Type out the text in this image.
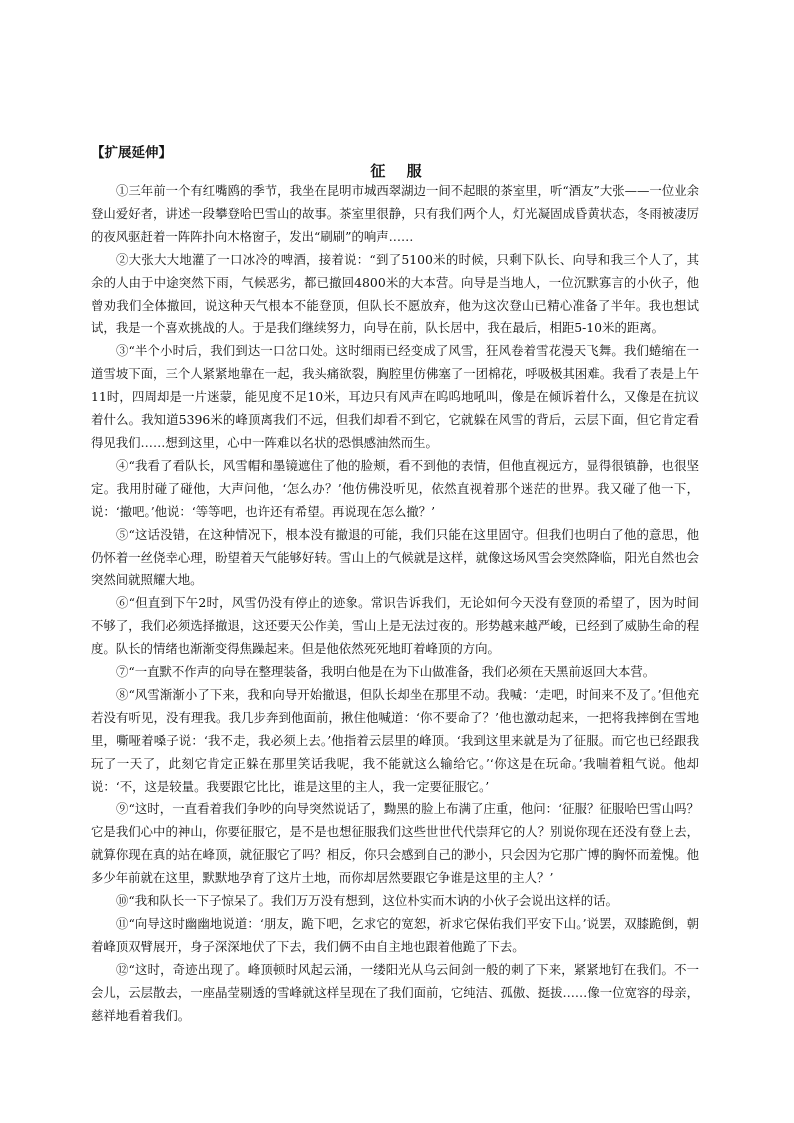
【扩展延伸】
征 服

①三年前一个有红嘴鸥的季节，我坐在昆明市城西翠湖边一间不起眼的茶室里，听“酒友”大张——一位业余登山爱好者，讲述一段攀登哈巴雪山的故事。茶室里很静，只有我们两个人，灯光凝固成昏黄状态，冬雨被凄厉的夜风驱赶着一阵阵扑向木格窗子，发出“刷刷”的响声……

②大张大大地灌了一口冰冷的啤酒，接着说：“到了5100米的时候，只剩下队长、向导和我三个人了，其余的人由于中途突然下雨，气候恶劣，都已撤回4800米的大本营。向导是当地人，一位沉默寡言的小伙子，他曾劝我们全体撤回，说这种天气根本不能登顶，但队长不愿放弃，他为这次登山已精心准备了半年。我也想试试，我是一个喜欢挑战的人。于是我们继续努力，向导在前，队长居中，我在最后，相距5-10米的距离。

③“半个小时后，我们到达一口岔口处。这时细雨已经变成了风雪，狂风卷着雪花漫天飞舞。我们蜷缩在一道雪坡下面，三个人紧紧地靠在一起，我头痛欲裂，胸腔里仿佛塞了一团棉花，呼吸极其困难。我看了表是上午11时，四周却是一片迷蒙，能见度不足10米，耳边只有风声在呜呜地吼叫，像是在倾诉着什么，又像是在抗议着什么。我知道5396米的峰顶离我们不远，但我们却看不到它，它就躲在风雪的背后，云层下面，但它肯定看得见我们……想到这里，心中一阵难以名状的恐惧感油然而生。

④“我看了看队长，风雪帽和墨镜遮住了他的脸颊，看不到他的表情，但他直视远方，显得很镇静，也很坚定。我用肘碰了碰他，大声问他，‘怎么办？’他仿佛没听见，依然直视着那个迷茫的世界。我又碰了他一下，说：‘撤吧。’他说：‘等等吧，也许还有希望。再说现在怎么撤？’

⑤“这话没错，在这种情况下，根本没有撤退的可能，我们只能在这里固守。但我们也明白了他的意思，他仍怀着一丝侥幸心理，盼望着天气能够好转。雪山上的气候就是这样，就像这场风雪会突然降临，阳光自然也会突然间就照耀大地。

⑥“但直到下午2时，风雪仍没有停止的迹象。常识告诉我们，无论如何今天没有登顶的希望了，因为时间不够了，我们必须选择撤退，这还要天公作美，雪山上是无法过夜的。形势越来越严峻，已经到了威胁生命的程度。队长的情绪也渐渐变得焦躁起来。但是他依然死死地盯着峰顶的方向。

⑦“一直默不作声的向导在整理装备，我明白他是在为下山做准备，我们必须在天黑前返回大本营。

⑧“风雪渐渐小了下来，我和向导开始撤退，但队长却坐在那里不动。我喊：‘走吧，时间来不及了。’但他充若没有听见，没有理我。我几步奔到他面前，揪住他喊道：‘你不要命了？’他也激动起来，一把将我摔倒在雪地里，嘶哑着嗓子说：‘我不走，我必须上去。’他指着云层里的峰顶。‘我到这里来就是为了征服。而它也已经跟我玩了一天了，此刻它肯定正躲在那里笑话我呢，我不能就这么输给它。’‘你这是在玩命。’我喘着粗气说。他却说：‘不，这是较量。我要跟它比比，谁是这里的主人，我一定要征服它。’

⑨“这时，一直看着我们争吵的向导突然说话了，黝黑的脸上布满了庄重，他问：‘征服？征服哈巴雪山吗？它是我们心中的神山，你要征服它，是不是也想征服我们这些世世代代崇拜它的人？别说你现在还没有登上去，就算你现在真的站在峰顶，就征服它了吗？相反，你只会感到自己的渺小，只会因为它那广博的胸怀而羞愧。他多少年前就在这里，默默地孕育了这片土地，而你却居然要跟它争谁是这里的主人？’

⑩“我和队长一下子惊呆了。我们万万没有想到，这位朴实而木讷的小伙子会说出这样的话。

⑪“向导这时幽幽地说道：‘朋友，跪下吧，乞求它的宽恕，祈求它保佑我们平安下山。’说罢，双膝跪倒，朝着峰顶双臂展开，身子深深地伏了下去，我们俩不由自主地也跟着他跪了下去。

⑫“这时，奇迹出现了。峰顶顿时风起云涌，一缕阳光从乌云间剑一般的刺了下来，紧紧地钉在我们。不一会儿，云层散去，一座晶莹剔透的雪峰就这样呈现在了我们面前，它纯洁、孤傲、挺拔……像一位宽容的母亲，慈祥地看着我们。
